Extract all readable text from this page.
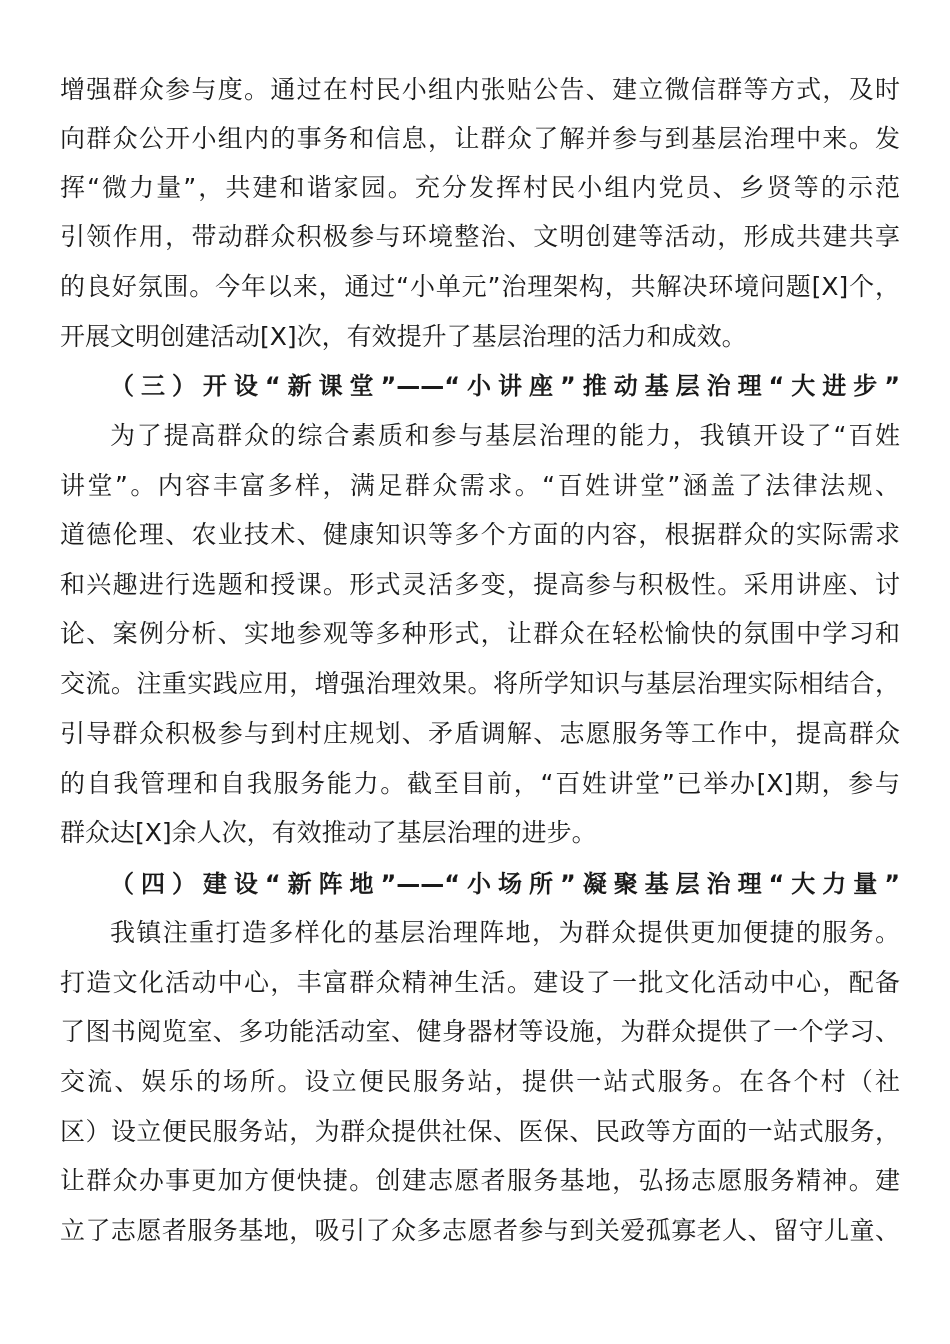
增强群众参与度。通过在村民小组内张贴公告、建立微信群等方式，及时
向群众公开小组内的事务和信息，让群众了解并参与到基层治理中来。发
挥“微力量”，共建和谐家园。充分发挥村民小组内党员、乡贤等的示范
引领作用，带动群众积极参与环境整治、文明创建等活动，形成共建共享
的良好氛围。今年以来，通过“小单元”治理架构，共解决环境问题[X]个，
开展文明创建活动[X]次，有效提升了基层治理的活力和成效。
（三）开设“新课堂”——“小讲座”推动基层治理“大进步”
为了提高群众的综合素质和参与基层治理的能力，我镇开设了“百姓
讲堂”。内容丰富多样，满足群众需求。“百姓讲堂”涵盖了法律法规、
道德伦理、农业技术、健康知识等多个方面的内容，根据群众的实际需求
和兴趣进行选题和授课。形式灵活多变，提高参与积极性。采用讲座、讨
论、案例分析、实地参观等多种形式，让群众在轻松愉快的氛围中学习和
交流。注重实践应用，增强治理效果。将所学知识与基层治理实际相结合，
引导群众积极参与到村庄规划、矛盾调解、志愿服务等工作中，提高群众
的自我管理和自我服务能力。截至目前，“百姓讲堂”已举办[X]期，参与
群众达[X]余人次，有效推动了基层治理的进步。
（四）建设“新阵地”——“小场所”凝聚基层治理“大力量”
我镇注重打造多样化的基层治理阵地，为群众提供更加便捷的服务。
打造文化活动中心，丰富群众精神生活。建设了一批文化活动中心，配备
了图书阅览室、多功能活动室、健身器材等设施，为群众提供了一个学习、
交流、娱乐的场所。设立便民服务站，提供一站式服务。在各个村（社
区）设立便民服务站，为群众提供社保、医保、民政等方面的一站式服务，
让群众办事更加方便快捷。创建志愿者服务基地，弘扬志愿服务精神。建
立了志愿者服务基地，吸引了众多志愿者参与到关爱孤寡老人、留守儿童、
